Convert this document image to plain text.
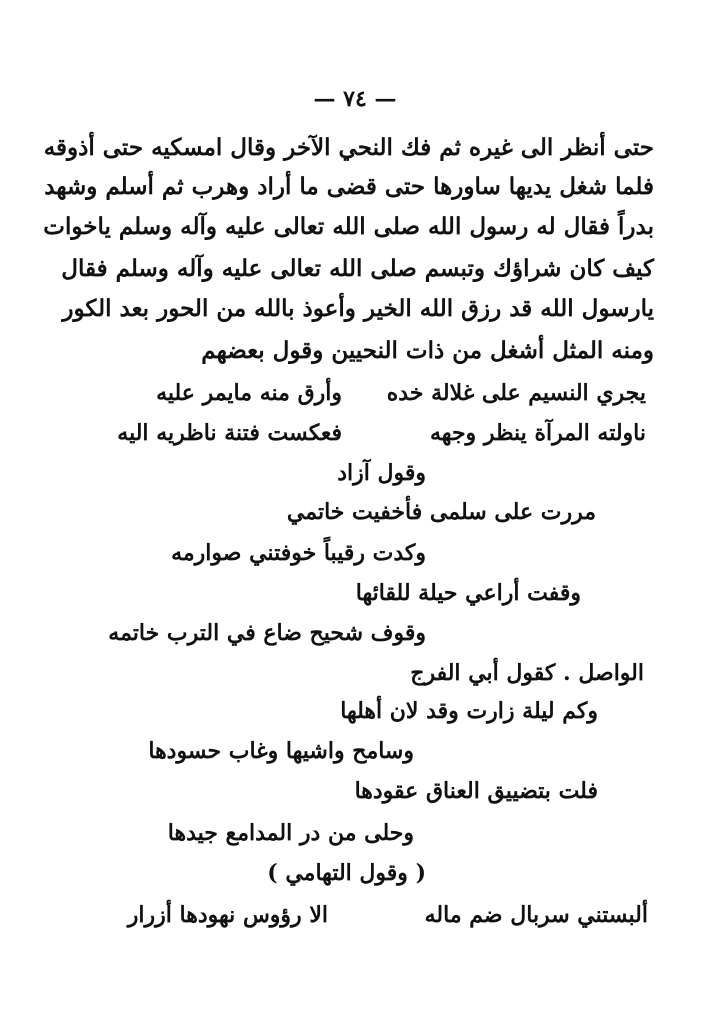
— ٧٤ —
حتى أنظر الى غيره ثم فك النحي الآخر وقال امسكيه حتى أذوقه
فلما شغل يديها ساورها حتى قضى ما أراد وهرب ثم أسلم وشهد
بدراً فقال له رسول الله صلى الله تعالى عليه وآله وسلم ياخوات
كيف كان شراؤك وتبسم صلى الله تعالى عليه وآله وسلم فقال
يارسول الله قد رزق الله الخير وأعوذ بالله من الحور بعد الكور
ومنه المثل أشغل من ذات النحيين وقول بعضهم
يجري النسيم على غلالة خده
وأرق منه مايمر عليه
ناولته المرآة ينظر وجهه
فعكست فتنة ناظريه اليه
وقول آزاد
مررت على سلمى فأخفيت خاتمي
وكدت رقيباً خوفتني صوارمه
وقفت أراعي حيلة للقائها
وقوف شحيح ضاع في الترب خاتمه
الواصل . كقول أبي الفرج
وكم ليلة زارت وقد لان أهلها
وسامح واشيها وغاب حسودها
فلت بتضييق العناق عقودها
وحلى من در المدامع جيدها
( وقول التهامي )
ألبستني سربال ضم ماله
الا رؤوس نهودها أزرار
